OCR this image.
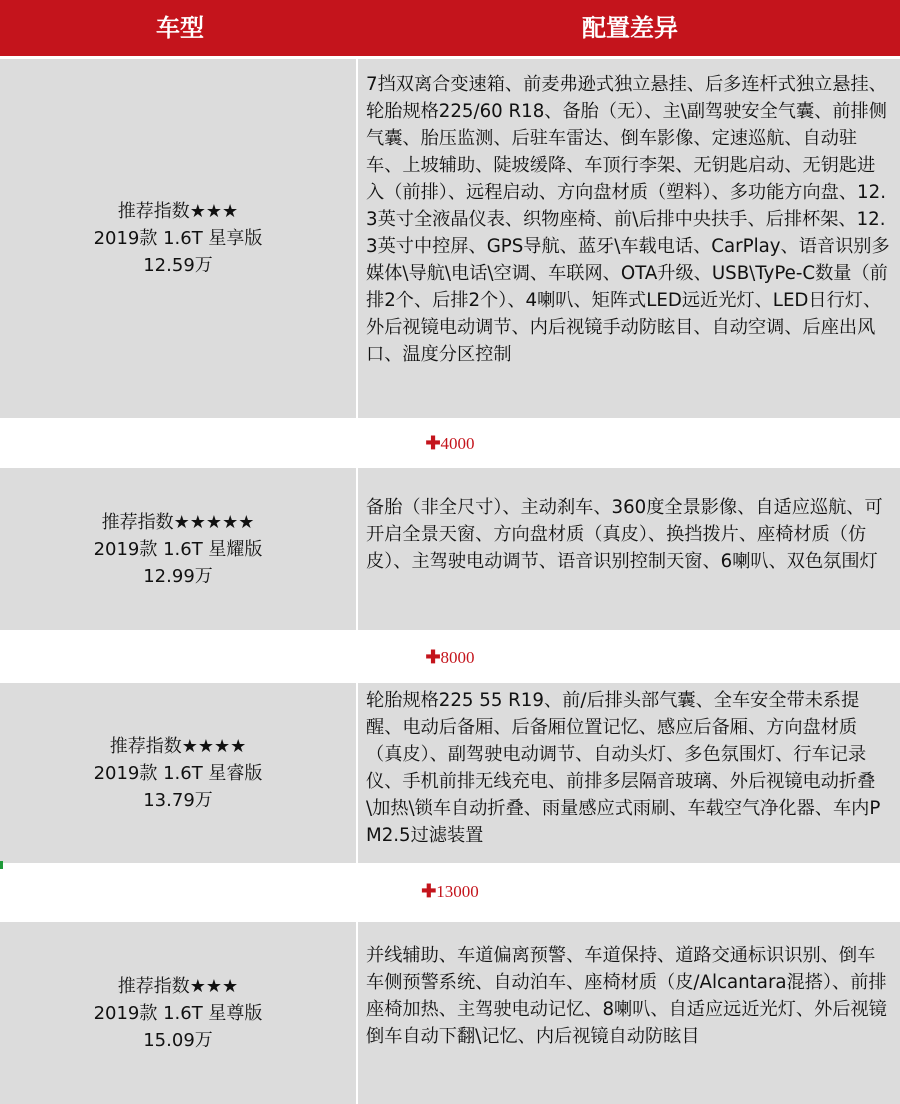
车型	配置差异
推荐指数★★★
2019款 1.6T 星享版
12.59万
7挡双离合变速箱、前麦弗逊式独立悬挂、后多连杆式独立悬挂、轮胎规格225/60 R18、备胎（无）、主\副驾驶安全气囊、前排侧气囊、胎压监测、后驻车雷达、倒车影像、定速巡航、自动驻车、上坡辅助、陡坡缓降、车顶行李架、无钥匙启动、无钥匙进入（前排）、远程启动、方向盘材质（塑料）、多功能方向盘、12.3英寸全液晶仪表、织物座椅、前\后排中央扶手、后排杯架、12.3英寸中控屏、GPS导航、蓝牙\车载电话、CarPlay、语音识别多媒体\导航\电话\空调、车联网、OTA升级、USB\TyPe-C数量（前排2个、后排2个）、4喇叭、矩阵式LED远近光灯、LED日行灯、外后视镜电动调节、内后视镜手动防眩目、自动空调、后座出风口、温度分区控制
✚4000
推荐指数★★★★★
2019款 1.6T 星耀版
12.99万
备胎（非全尺寸）、主动刹车、360度全景影像、自适应巡航、可开启全景天窗、方向盘材质（真皮）、换挡拨片、座椅材质（仿皮）、主驾驶电动调节、语音识别控制天窗、6喇叭、双色氛围灯
✚8000
推荐指数★★★★
2019款 1.6T 星睿版
13.79万
轮胎规格225 55 R19、前/后排头部气囊、全车安全带未系提醒、电动后备厢、后备厢位置记忆、感应后备厢、方向盘材质（真皮）、副驾驶电动调节、自动头灯、多色氛围灯、行车记录仪、手机前排无线充电、前排多层隔音玻璃、外后视镜电动折叠\加热\锁车自动折叠、雨量感应式雨刷、车载空气净化器、车内PM2.5过滤装置
✚13000
推荐指数★★★
2019款 1.6T 星尊版
15.09万
并线辅助、车道偏离预警、车道保持、道路交通标识识别、倒车车侧预警系统、自动泊车、座椅材质（皮/Alcantara混搭）、前排座椅加热、主驾驶电动记忆、8喇叭、自适应远近光灯、外后视镜倒车自动下翻\记忆、内后视镜自动防眩目
